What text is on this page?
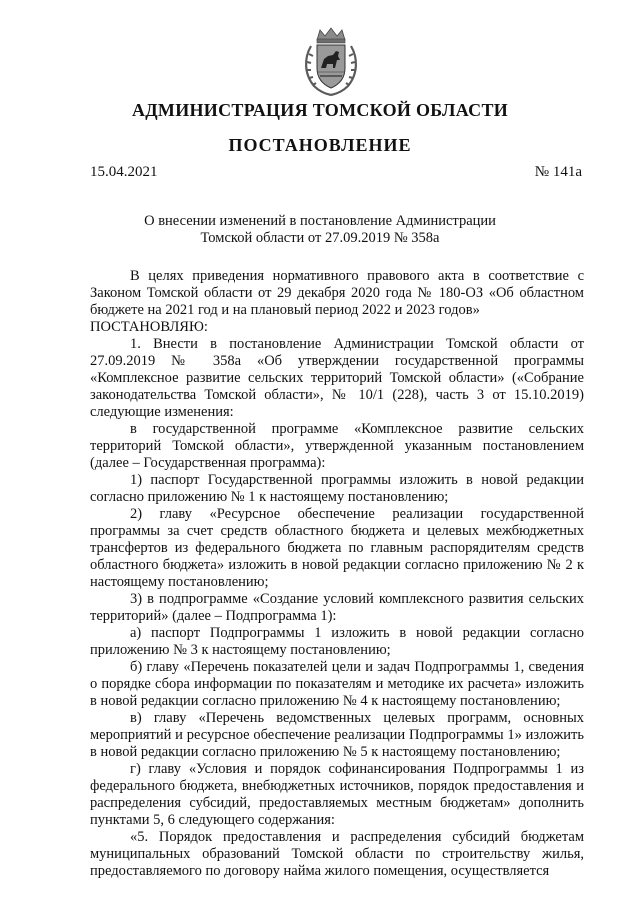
АДМИНИСТРАЦИЯ ТОМСКОЙ ОБЛАСТИ
ПОСТАНОВЛЕНИЕ
15.04.2021	№ 141а
О внесении изменений в постановление Администрации
Томской области от 27.09.2019 № 358а

В целях приведения нормативного правового акта в соответствие с Законом Томской области от 29 декабря 2020 года № 180-ОЗ «Об областном бюджете на 2021 год и на плановый период 2022 и 2023 годов»

ПОСТАНОВЛЯЮ:

1. Внести в постановление Администрации Томской области от 27.09.2019 № 358а «Об утверждении государственной программы «Комплексное развитие сельских территорий Томской области» («Собрание законодательства Томской области», № 10/1 (228), часть 3 от 15.10.2019) следующие изменения:

в государственной программе «Комплексное развитие сельских территорий Томской области», утвержденной указанным постановлением (далее – Государственная программа):

1) паспорт Государственной программы изложить в новой редакции согласно приложению № 1 к настоящему постановлению;

2) главу «Ресурсное обеспечение реализации государственной программы за счет средств областного бюджета и целевых межбюджетных трансфертов из федерального бюджета по главным распорядителям средств областного бюджета» изложить в новой редакции согласно приложению № 2 к настоящему постановлению;

3) в подпрограмме «Создание условий комплексного развития сельских территорий» (далее – Подпрограмма 1):

а) паспорт Подпрограммы 1 изложить в новой редакции согласно приложению № 3 к настоящему постановлению;

б) главу «Перечень показателей цели и задач Подпрограммы 1, сведения о порядке сбора информации по показателям и методике их расчета» изложить в новой редакции согласно приложению № 4 к настоящему постановлению;

в) главу «Перечень ведомственных целевых программ, основных мероприятий и ресурсное обеспечение реализации Подпрограммы 1» изложить в новой редакции согласно приложению № 5 к настоящему постановлению;

г) главу «Условия и порядок софинансирования Подпрограммы 1 из федерального бюджета, внебюджетных источников, порядок предоставления и распределения субсидий, предоставляемых местным бюджетам» дополнить пунктами 5, 6 следующего содержания:

«5. Порядок предоставления и распределения субсидий бюджетам муниципальных образований Томской области по строительству жилья, предоставляемого по договору найма жилого помещения, осуществляется
